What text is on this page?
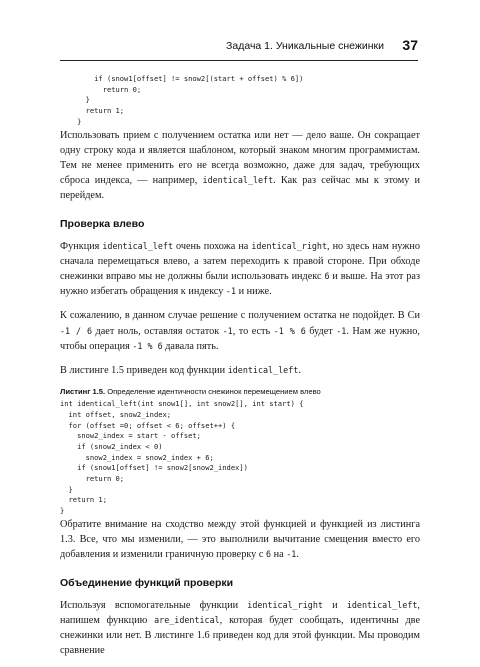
Задача 1. Уникальные снежинки 37
if (snow1[offset] != snow2[(start + offset) % 6])
return 0;
}
return 1;
}

Использовать прием с получением остатка или нет — дело ваше. Он сокращает одну строку кода и является шаблоном, который знаком многим программистам. Тем не менее применить его не всегда возможно, даже для задач, требующих сброса индекса, — например, identical_left. Как раз сейчас мы к этому и перейдем.

Проверка влево

Функция identical_left очень похожа на identical_right, но здесь нам нужно сначала перемещаться влево, а затем переходить к правой стороне. При обходе снежинки вправо мы не должны были использовать индекс 6 и выше. На этот раз нужно избегать обращения к индексу -1 и ниже.

К сожалению, в данном случае решение с получением остатка не подойдет. В Си -1 / 6 дает ноль, оставляя остаток -1, то есть -1 % 6 будет -1. Нам же нужно, чтобы операция -1 % 6 давала пять.

В листинге 1.5 приведен код функции identical_left.

Листинг 1.5. Определение идентичности снежинок перемещением влево
int identical_left(int snow1[], int snow2[], int start) {
int offset, snow2_index;
for (offset =0; offset < 6; offset++) {
snow2_index = start - offset;
if (snow2_index < 0)
snow2_index = snow2_index + 6;
if (snow1[offset] != snow2[snow2_index])
return 0;
}
return 1;
}

Обратите внимание на сходство между этой функцией и функцией из листинга 1.3. Все, что мы изменили, — это выполнили вычитание смещения вместо его добавления и изменили граничную проверку с 6 на -1.

Объединение функций проверки

Используя вспомогательные функции identical_right и identical_left, напишем функцию are_identical, которая будет сообщать, идентичны две снежинки или нет. В листинге 1.6 приведен код для этой функции. Мы проводим сравнение
